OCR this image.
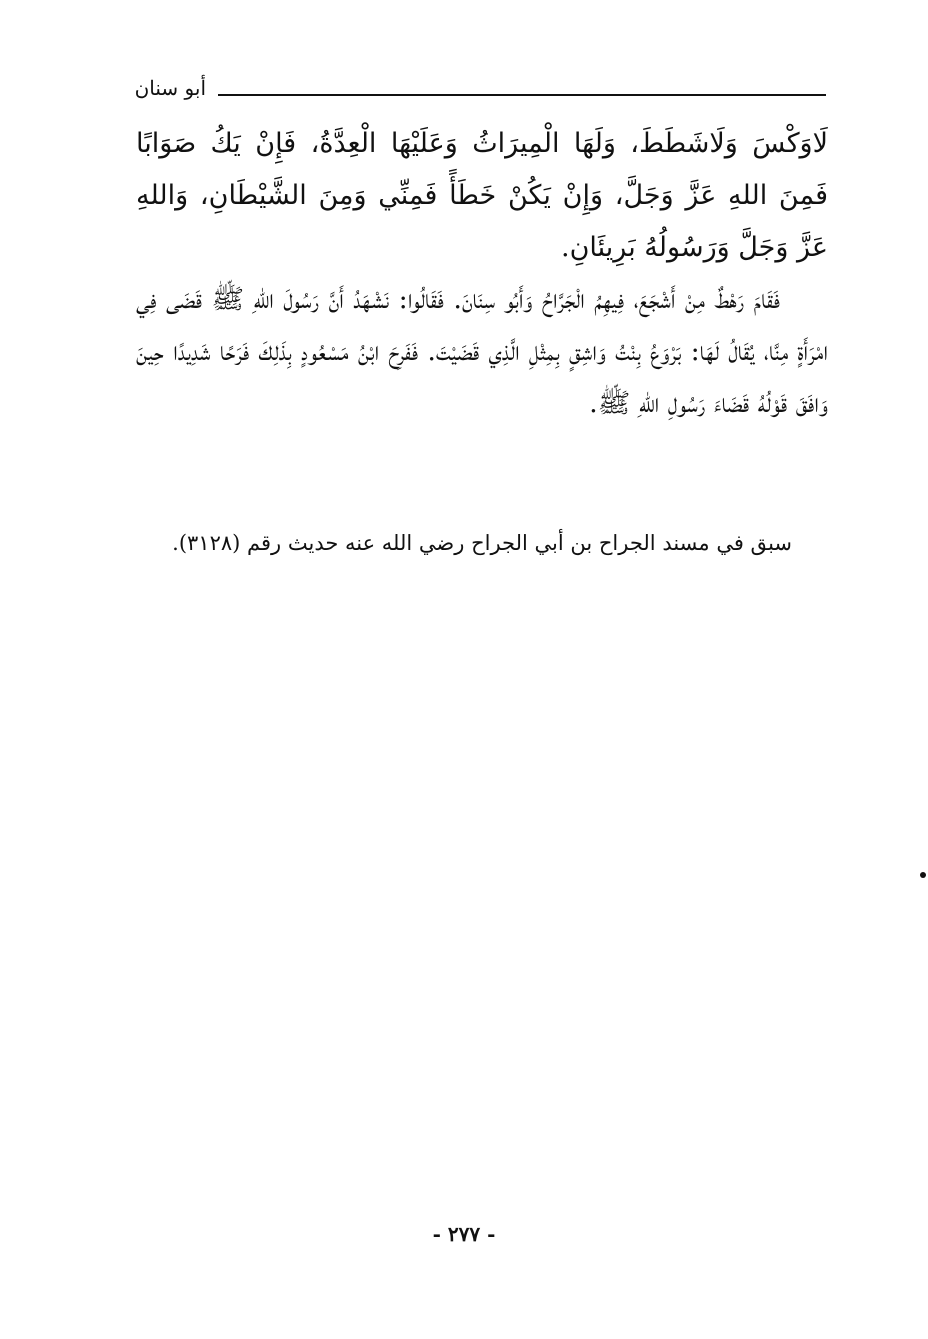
أبو سنان

لَاوَكْسَ وَلَاشَطَطَ، وَلَهَا الْمِيرَاثُ وَعَلَيْهَا الْعِدَّةُ، فَإِنْ يَكُ صَوَابًا فَمِنَ اللهِ عَزَّ وَجَلَّ، وَإِنْ يَكُنْ خَطَأً فَمِنِّي وَمِنَ الشَّيْطَانِ، وَاللهِ عَزَّ وَجَلَّ وَرَسُولُهُ بَرِيئَانِ.

فَقَامَ رَهْطٌ مِنْ أَشْجَعَ، فِيهِمُ الْجَرَّاحُ وَأَبُو سِنَانَ. فَقَالُوا: نَشْهَدُ أَنَّ رَسُولَ اللهِ ﷺ قَضَى فِي امْرَأَةٍ مِنَّا، يُقَالُ لَهَا: بَرْوَعُ بِنْتُ وَاشِقٍ بِمِثْلِ الَّذِي قَضَيْتَ. فَفَرِحَ ابْنُ مَسْعُودٍ بِذَلِكَ فَرَحًا شَدِيدًا حِينَ وَافَقَ قَوْلُهُ قَضَاءَ رَسُولِ اللهِ ﷺ.

سبق في مسند الجراح بن أبي الجراح رضي الله عنه حديث رقم (٣١٢٨).
- ٢٧٧ -
